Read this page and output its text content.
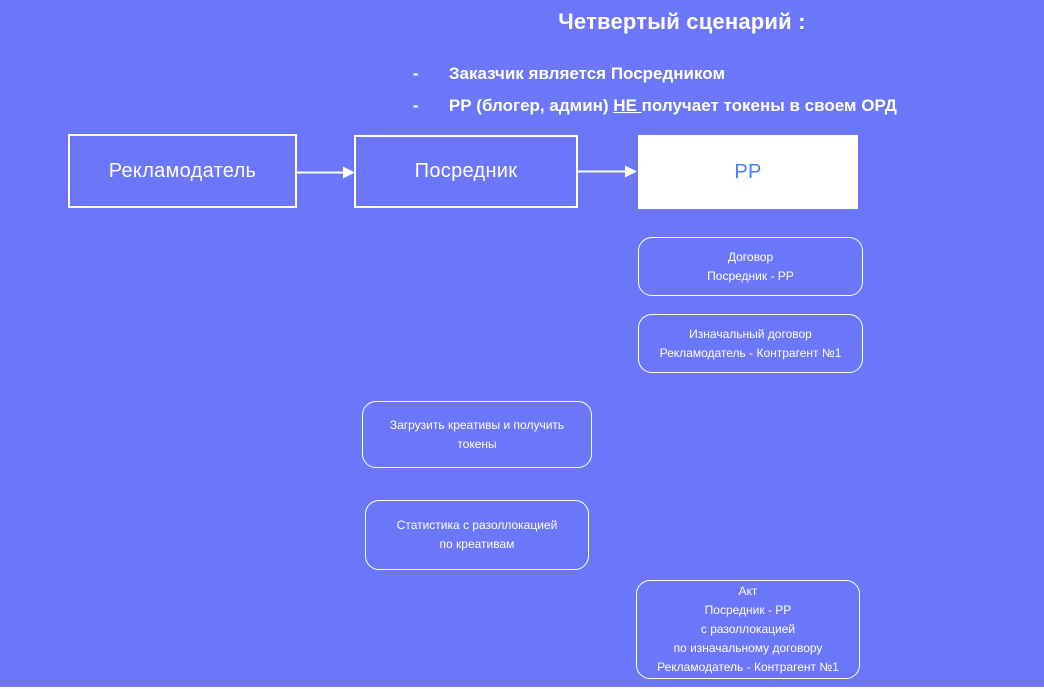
Четвертый сценарий :

- Заказчик является Посредником

- РР (блогер, админ) НЕ получает токены в своем ОРД

Рекламодатель	Посредник	РР
Договор
Посредник - РР
Изначальный договор
Рекламодатель - Контрагент №1
Загрузить креативы и получить
токены
Статистика с разоллокацией
по креативам
Акт
Посредник - РР
с разоллокацией
по изначальному договору
Рекламодатель - Контрагент №1
